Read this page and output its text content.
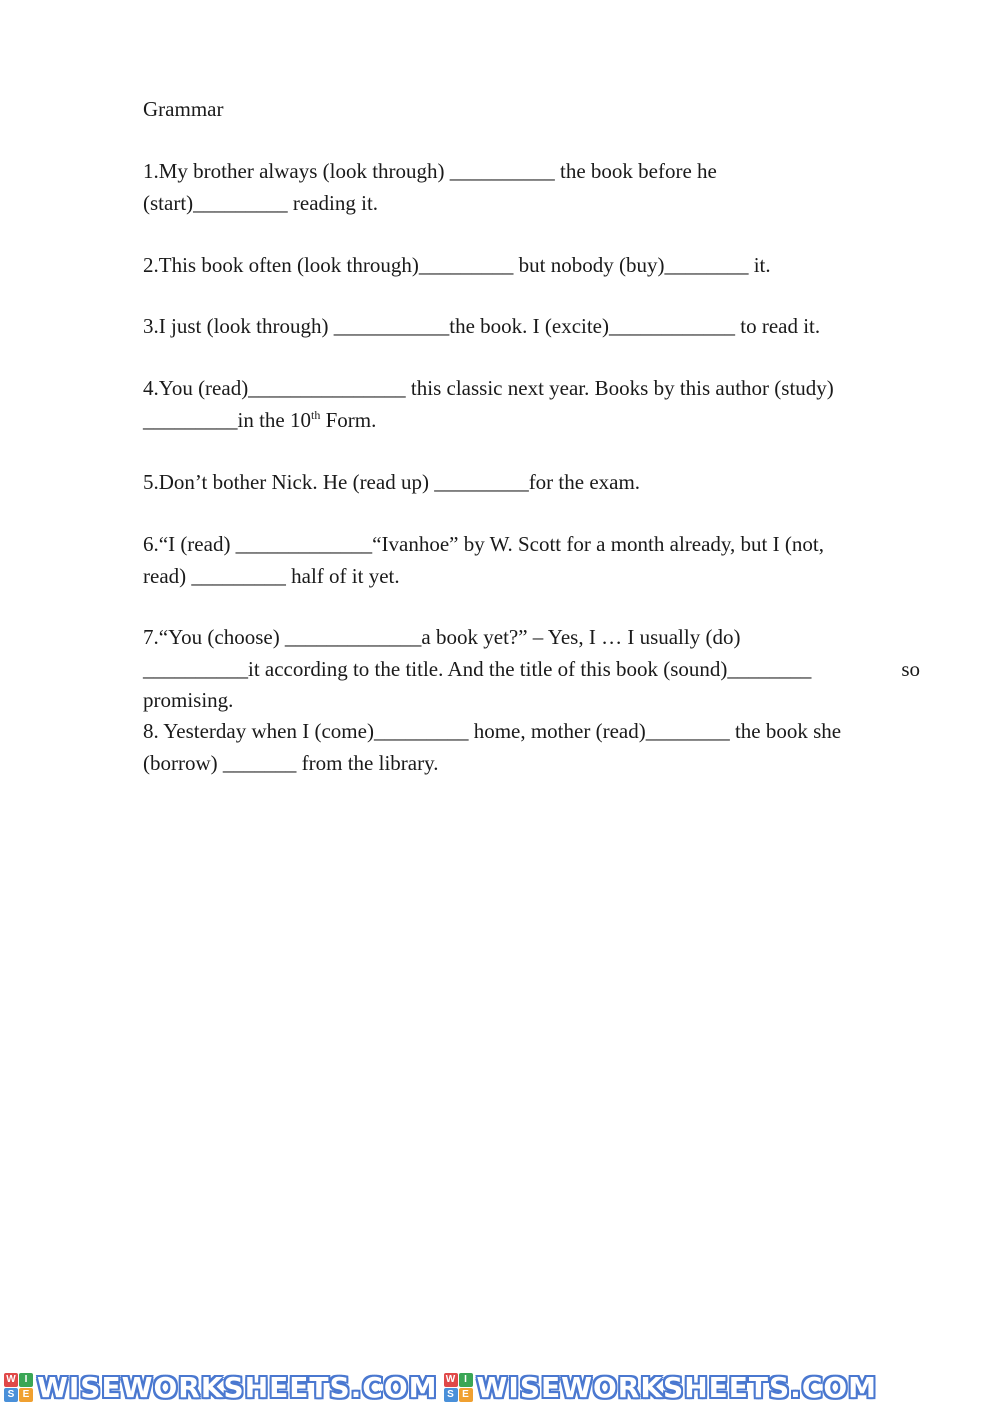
Grammar
1.My brother always (look through) __________ the book before he
(start)_________ reading it.
2.This book often (look through)_________ but nobody (buy)________ it.
3.I just (look through) ___________the book. I (excite)____________ to read it.
4.You (read)_______________ this classic next year. Books by this author (study)
_________in the 10th Form.
5.Don’t bother Nick. He (read up) _________for the exam.
6.“I (read) _____________“Ivanhoe” by W. Scott for a month already, but I (not,
read) _________ half of it yet.
7.“You (choose) _____________a book yet?” – Yes, I … I usually (do)
__________it according to the title. And the title of this book (sound)________	so
promising.
8. Yesterday when I (come)_________ home, mother (read)________ the book she
(borrow) _______ from the library.
W I
S E WISEWORKSHEETS.COM W I
S E WISEWORKSHEETS.COM
